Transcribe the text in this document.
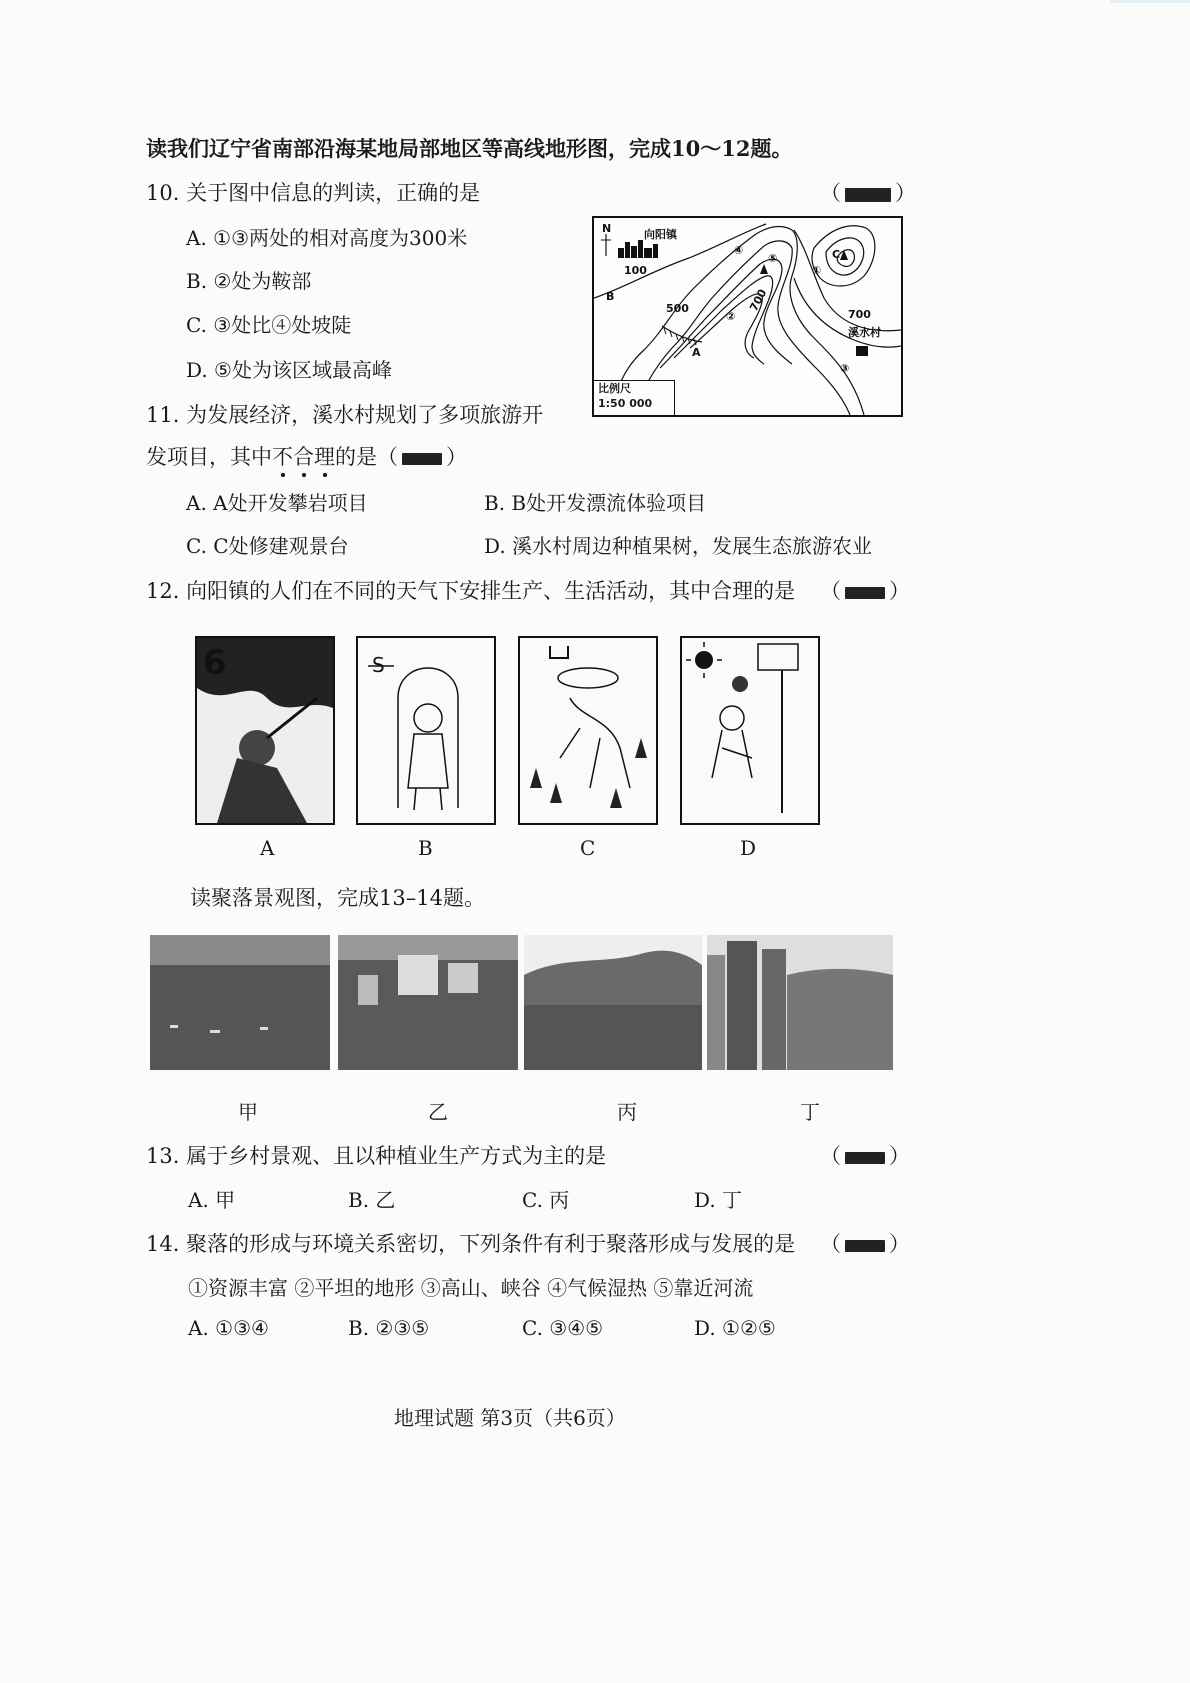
读我们辽宁省南部沿海某地局部地区等高线地形图，完成10～12题。
10. 关于图中信息的判读，正确的是	（	）
A. ①③两处的相对高度为300米
B. ②处为鞍部
C. ③处比④处坡陡
D. ⑤处为该区域最高峰
N	向阳镇
100
500	700
700
溪水村
B
A
C
①
②
③
④
⑤
比例尺
1:50 000
11. 为发展经济，溪水村规划了多项旅游开
发项目，其中不合理的是（ ）
A. A处开发攀岩项目	B. B处开发漂流体验项目
C. C处修建观景台	D. 溪水村周边种植果树，发展生态旅游农业
12. 向阳镇的人们在不同的天气下安排生产、生活活动，其中合理的是 （ ）
6	S
A	B	C	D
读聚落景观图，完成13–14题。
甲	乙	丙	丁
13. 属于乡村景观、且以种植业生产方式为主的是	（ ）
A. 甲	B. 乙	C. 丙	D. 丁
14. 聚落的形成与环境关系密切，下列条件有利于聚落形成与发展的是 （ ）
①资源丰富 ②平坦的地形 ③高山、峡谷 ④气候湿热 ⑤靠近河流
A. ①③④	B. ②③⑤	C. ③④⑤	D. ①②⑤
地理试题 第3页（共6页）
